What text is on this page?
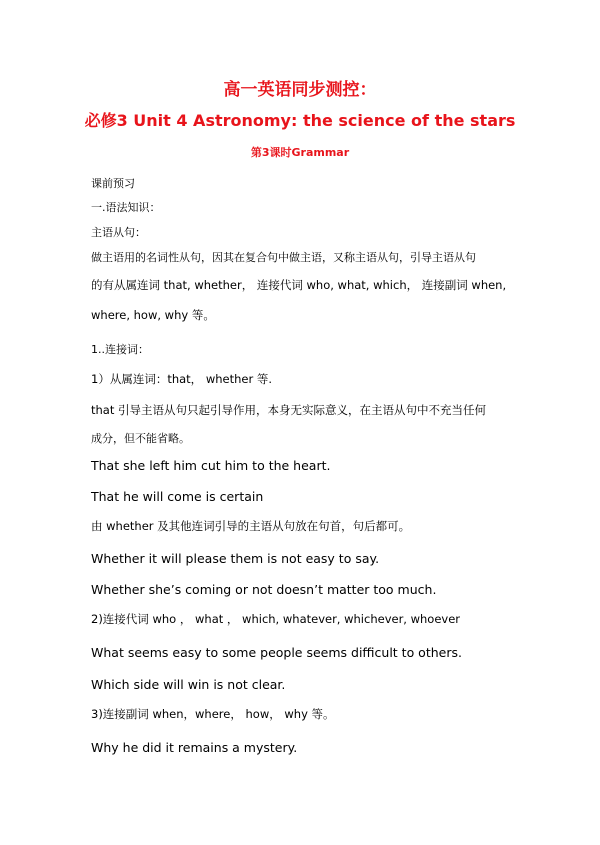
高一英语同步测控：
必修3 Unit 4 Astronomy: the science of the stars
第3课时Grammar
课前预习
一.语法知识：
主语从句：
做主语用的名词性从句，因其在复合句中做主语，又称主语从句，引导主语从句
的有从属连词 that, whether， 连接代词 who, what, which， 连接副词 when,
where, how, why 等。
1..连接词：
1）从属连词：that， whether 等.
that 引导主语从句只起引导作用，本身无实际意义，在主语从句中不充当任何
成分，但不能省略。
That she left him cut him to the heart.
That he will come is certain
由 whether 及其他连词引导的主语从句放在句首，句后都可。
Whether it will please them is not easy to say.
Whether she’s coming or not doesn’t matter too much.
2)连接代词 who ， what ， which, whatever, whichever, whoever
What seems easy to some people seems difficult to others.
Which side will win is not clear.
3)连接副词 when，where， how， why 等。
Why he did it remains a mystery.
